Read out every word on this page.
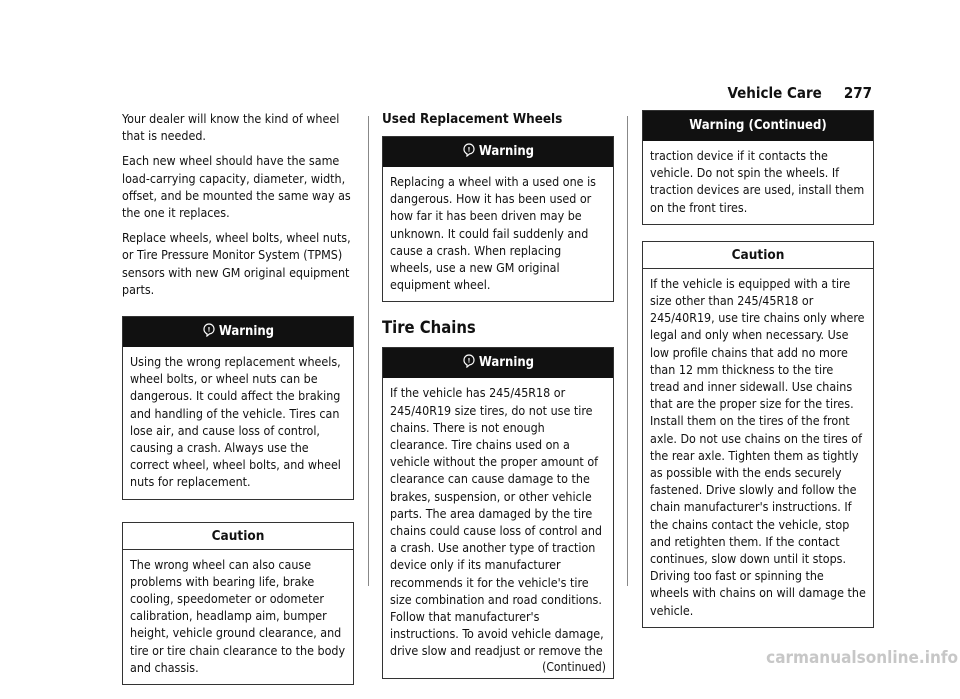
Vehicle Care 277

Your dealer will know the kind of wheel that is needed.

Each new wheel should have the same load-carrying capacity, diameter, width, offset, and be mounted the same way as the one it replaces.

Replace wheels, wheel bolts, wheel nuts, or Tire Pressure Monitor System (TPMS) sensors with new GM original equipment parts.

! Warning

Using the wrong replacement wheels, wheel bolts, or wheel nuts can be dangerous. It could affect the braking and handling of the vehicle. Tires can lose air, and cause loss of control, causing a crash. Always use the correct wheel, wheel bolts, and wheel nuts for replacement.

Caution

The wrong wheel can also cause problems with bearing life, brake cooling, speedometer or odometer calibration, headlamp aim, bumper height, vehicle ground clearance, and tire or tire chain clearance to the body and chassis.

Used Replacement Wheels
! Warning

Replacing a wheel with a used one is dangerous. How it has been used or how far it has been driven may be unknown. It could fail suddenly and cause a crash. When replacing wheels, use a new GM original equipment wheel.

Tire Chains
! Warning

If the vehicle has 245/45R18 or 245/40R19 size tires, do not use tire chains. There is not enough clearance. Tire chains used on a vehicle without the proper amount of clearance can cause damage to the brakes, suspension, or other vehicle parts. The area damaged by the tire chains could cause loss of control and a crash. Use another type of traction device only if its manufacturer recommends it for the vehicle's tire size combination and road conditions. Follow that manufacturer's instructions. To avoid vehicle damage, drive slow and readjust or remove the

(Continued)
Warning (Continued)

traction device if it contacts the vehicle. Do not spin the wheels. If traction devices are used, install them on the front tires.

Caution

If the vehicle is equipped with a tire size other than 245/45R18 or 245/40R19, use tire chains only where legal and only when necessary. Use low profile chains that add no more than 12 mm thickness to the tire tread and inner sidewall. Use chains that are the proper size for the tires. Install them on the tires of the front axle. Do not use chains on the tires of the rear axle. Tighten them as tightly as possible with the ends securely fastened. Drive slowly and follow the chain manufacturer's instructions. If the chains contact the vehicle, stop and retighten them. If the contact continues, slow down until it stops. Driving too fast or spinning the wheels with chains on will damage the vehicle.

carmanualsonline.info
